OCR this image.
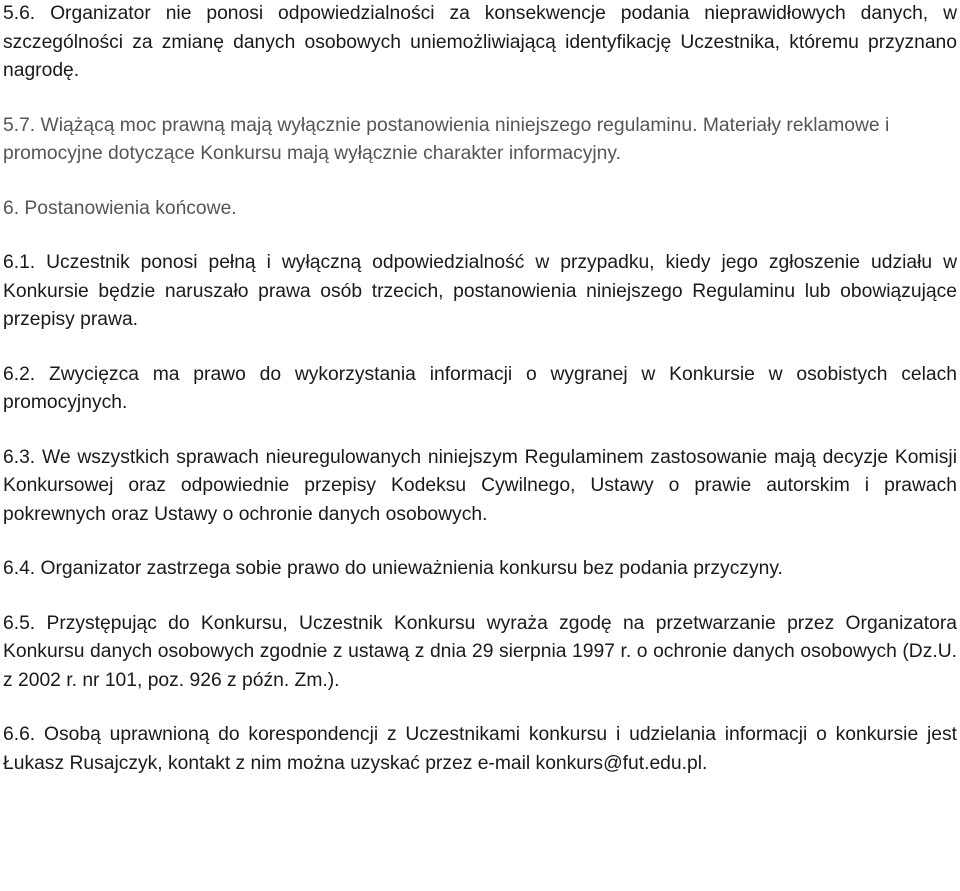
5.6. Organizator nie ponosi odpowiedzialności za konsekwencje podania nieprawidłowych danych, w szczególności za zmianę danych osobowych uniemożliwiającą identyfikację Uczestnika, któremu przyznano nagrodę.

5.7. Wiążącą moc prawną mają wyłącznie postanowienia niniejszego regulaminu. Materiały reklamowe i promocyjne dotyczące Konkursu mają wyłącznie charakter informacyjny.

6. Postanowienia końcowe.

6.1. Uczestnik ponosi pełną i wyłączną odpowiedzialność w przypadku, kiedy jego zgłoszenie udziału w Konkursie będzie naruszało prawa osób trzecich, postanowienia niniejszego Regulaminu lub obowiązujące przepisy prawa.

6.2. Zwycięzca ma prawo do wykorzystania informacji o wygranej w Konkursie w osobistych celach promocyjnych.

6.3. We wszystkich sprawach nieuregulowanych niniejszym Regulaminem zastosowanie mają decyzje Komisji Konkursowej oraz odpowiednie przepisy Kodeksu Cywilnego, Ustawy o prawie autorskim i prawach pokrewnych oraz Ustawy o ochronie danych osobowych.

6.4. Organizator zastrzega sobie prawo do unieważnienia konkursu bez podania przyczyny.

6.5. Przystępując do Konkursu, Uczestnik Konkursu wyraża zgodę na przetwarzanie przez Organizatora Konkursu danych osobowych zgodnie z ustawą z dnia 29 sierpnia 1997 r. o ochronie danych osobowych (Dz.U. z 2002 r. nr 101, poz. 926 z późn. Zm.).

6.6. Osobą uprawnioną do korespondencji z Uczestnikami konkursu i udzielania informacji o konkursie jest Łukasz Rusajczyk, kontakt z nim można uzyskać przez e-mail konkurs@fut.edu.pl.
